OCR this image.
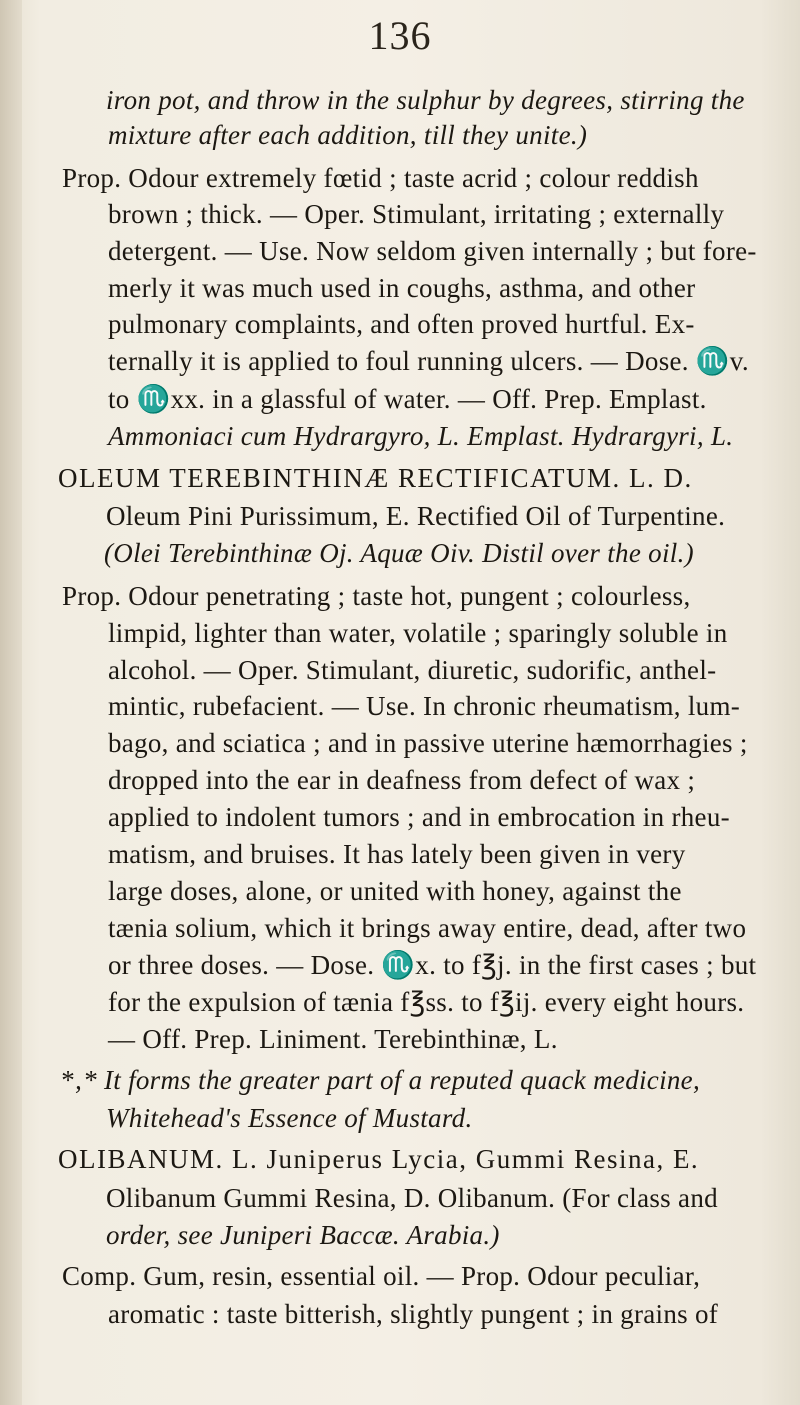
136
iron pot, and throw in the sulphur by degrees, stirring the
mixture after each addition, till they unite.)
Prop. Odour extremely fœtid ; taste acrid ; colour reddish
brown ; thick. — Oper. Stimulant, irritating ; externally
detergent. — Use. Now seldom given internally ; but fore-
merly it was much used in coughs, asthma, and other
pulmonary complaints, and often proved hurtful. Ex-
ternally it is applied to foul running ulcers. — Dose. ♏v.
to ♏xx. in a glassful of water. — Off. Prep. Emplast.
Ammoniaci cum Hydrargyro, L. Emplast. Hydrargyri, L.
OLEUM TEREBINTHINÆ RECTIFICATUM. L. D.
Oleum Pini Purissimum, E. Rectified Oil of Turpentine.
(Olei Terebinthinæ Oj. Aquæ Oiv. Distil over the oil.)
Prop. Odour penetrating ; taste hot, pungent ; colourless,
limpid, lighter than water, volatile ; sparingly soluble in
alcohol. — Oper. Stimulant, diuretic, sudorific, anthel-
mintic, rubefacient. — Use. In chronic rheumatism, lum-
bago, and sciatica ; and in passive uterine hæmorrhagies ;
dropped into the ear in deafness from defect of wax ;
applied to indolent tumors ; and in embrocation in rheu-
matism, and bruises. It has lately been given in very
large doses, alone, or united with honey, against the
tænia solium, which it brings away entire, dead, after two
or three doses. — Dose. ♏x. to f℥j. in the first cases ; but
for the expulsion of tænia f℥ss. to f℥ij. every eight hours.
— Off. Prep. Liniment. Terebinthinæ, L.
*‚* It forms the greater part of a reputed quack medicine,
Whitehead's Essence of Mustard.
OLIBANUM. L. Juniperus Lycia, Gummi Resina, E.
Olibanum Gummi Resina, D. Olibanum. (For class and
order, see Juniperi Baccæ. Arabia.)
Comp. Gum, resin, essential oil. — Prop. Odour peculiar,
aromatic : taste bitterish, slightly pungent ; in grains of
